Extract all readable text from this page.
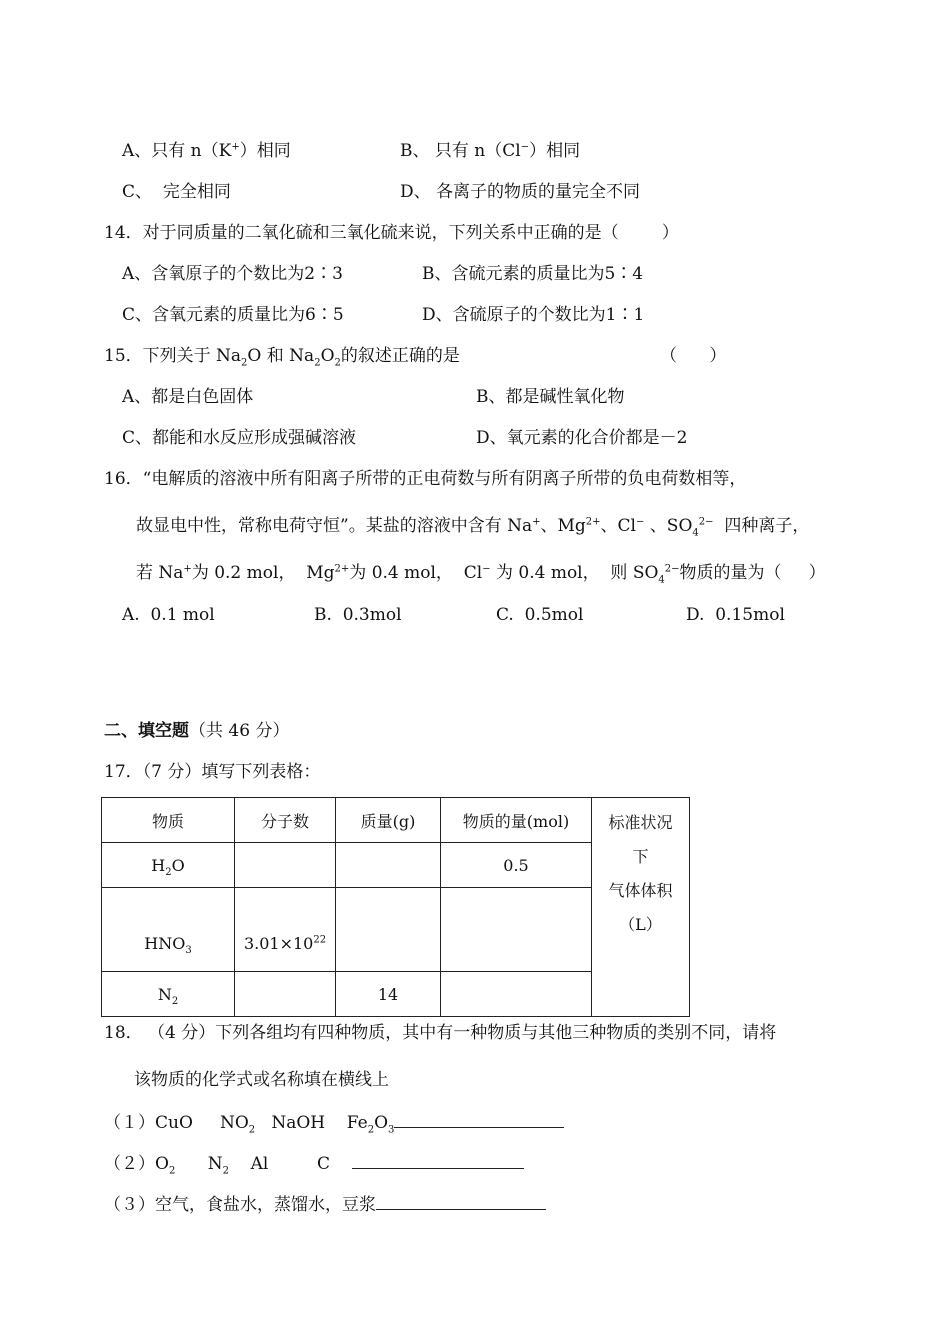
A、只有 n（K+）相同	B、 只有 n（Cl−）相同
C、  完全相同	D、 各离子的物质的量完全不同
14．对于同质量的二氧化硫和三氧化硫来说，下列关系中正确的是（        ）
A、含氧原子的个数比为2∶3	B、含硫元素的质量比为5∶4
C、含氧元素的质量比为6∶5	D、含硫原子的个数比为1∶1
15．下列关于 $Na_2O$ 和 $Na_2O_2$的叙述正确的是	（      ）
A、都是白色固体	B、都是碱性氧化物
C、都能和水反应形成强碱溶液	D、氧元素的化合价都是－2
16．“电解质的溶液中所有阳离子所带的正电荷数与所有阴离子所带的负电荷数相等，
故显电中性，常称电荷守恒”。某盐的溶液中含有 Na+、$Mg^{2+}$、Cl− 、$SO_4^{2-}$  四种离子，
若 Na+为 0.2 mol，  $Mg^{2+}$为 0.4 mol，  Cl− 为 0.4 mol，  则 $SO_4^{2-}$物质的量为（     ）
A.  0.1 mol	B.  0.3mol	C.  0.5mol	D.  0.15mol
二、填空题（共 46 分）
17．（7 分）填写下列表格：
物质	分子数	质量(g)	物质的量(mol)	标准状况
下
气体体积
（L）

$H_2O$			0.5	
$HNO_3$	$3.01\times 10^{22}$		
$N_2$		14		
18． （4 分）下列各组均有四种物质，其中有一种物质与其他三种物质的类别不同，请将
该物质的化学式或名称填在横线上
（１）CuO $NO_2$ NaOH $Fe_2O_3$
$(2)O_2$ $N_2$ Al	C
（３）空气，食盐水，蒸馏水，豆浆
